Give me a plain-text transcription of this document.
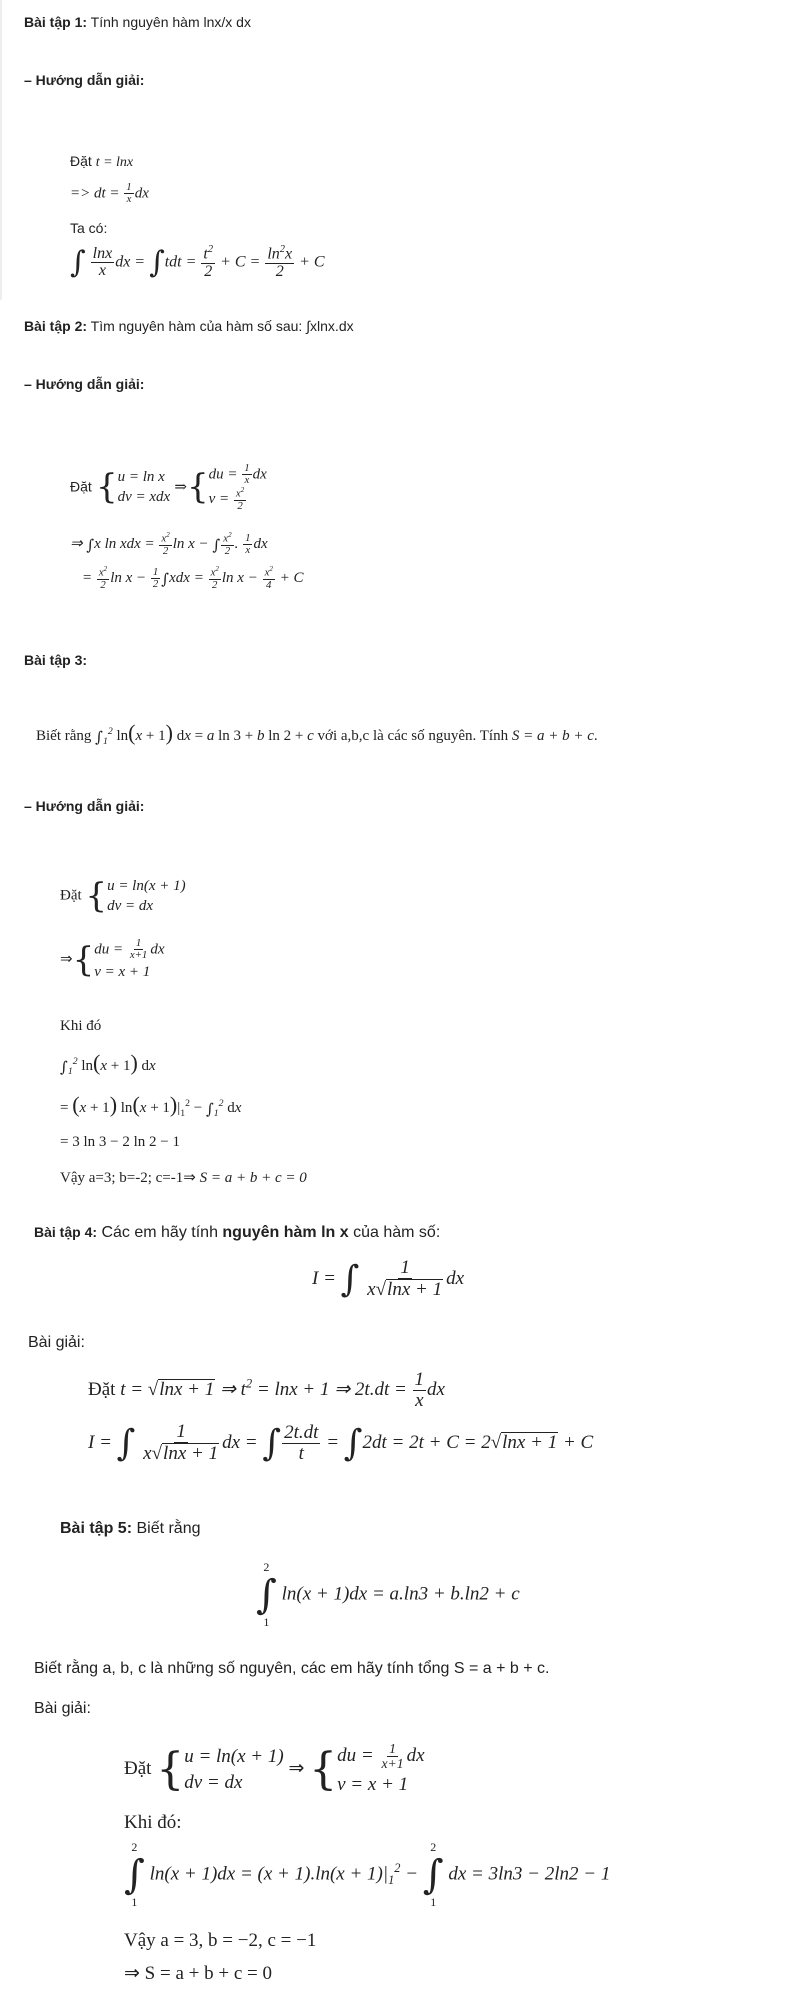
Bài tập 1: Tính nguyên hàm lnx/x dx
– Hướng dẫn giải:
Đặt t = lnx
=> dt = $\frac{1}{x}$ dx
Ta có:
∫ $\frac{\ln x}{x}$ dx = $\int tdt = \frac{t^2}{2} + C = \frac{\ln^2x}{2} + C$
Bài tập 2: Tìm nguyên hàm của hàm số sau: ∫xlnx.dx
– Hướng dẫn giải:
Đặt { u = ln x
dv = xdx
⇒{ du = $\frac{1}{x}$ dx
$v = \frac{x^2}{2}$
⇒ ∫x ln xdx = $\frac{x^2}{2}$ ln x − ∫ $\frac{x^2}{2}$ . $\frac{1}{x}$ dx
= $\frac{x^2}{2}$ $\ln x - \frac{1}{2} \int xdx = \frac{x^2}{2}$ $\ln x - \frac{x^2}{4} + C$
Bài tập 3:
Biết rằng $\int_1^2$ ln(x + 1) dx = a ln 3 + b ln 2 + c với a,b,c là các số nguyên. Tính S = a + b + c.
– Hướng dẫn giải:
Đặt { u = ln(x + 1)
dv = dx
⇒{ du = $\frac{1}{x+1}$ dx
v = x + 1
Khi đó
$\int_1^2$ ln(x + 1) dx
= (x + 1) $\ln(x + 1)|_1^2 - \int_1^2$ dx
= 3 ln 3 − 2 ln 2 − 1
Vậy a=3; b=-2; c=-1⇒ S = a + b + c = 0
Bài tập 4: Các em hãy tính nguyên hàm ln x của hàm số:
I = ∫ $\frac{1}{x√\ln x + 1}$ dx
Bài giải:
Đặt t = √lnx + 1 ⇒ $t^2 = \ln x + 1$ ⇒ $2t.dt = \frac{1}{x}$ dx
I = ∫ $\frac{1}{x√\ln x + 1}$ dx = ∫ $\frac{2t.dt}{t} = \int 2dt = 2t + C = 2√\ln x + 1 + C$
Bài tập 5: Biết rằng
2
∫
1
ln(x + 1)dx = a.ln3 + b.ln2 + c
Biết rằng a, b, c là những số nguyên, các em hãy tính tổng S = a + b + c.
Bài giải:
Đặt { u = ln(x + 1)
dv = dx
⇒ { du = $\frac{1}{x+1}$ dx
v = x + 1
Khi đó:
2
∫
1
$\ln(x + 1)dx = (x + 1).\ln(x + 1)|_1^2$ −
2
∫
1
dx = 3ln3 − 2ln2 − 1
Vậy a = 3, b = −2, c = −1
⇒ S = a + b + c = 0
